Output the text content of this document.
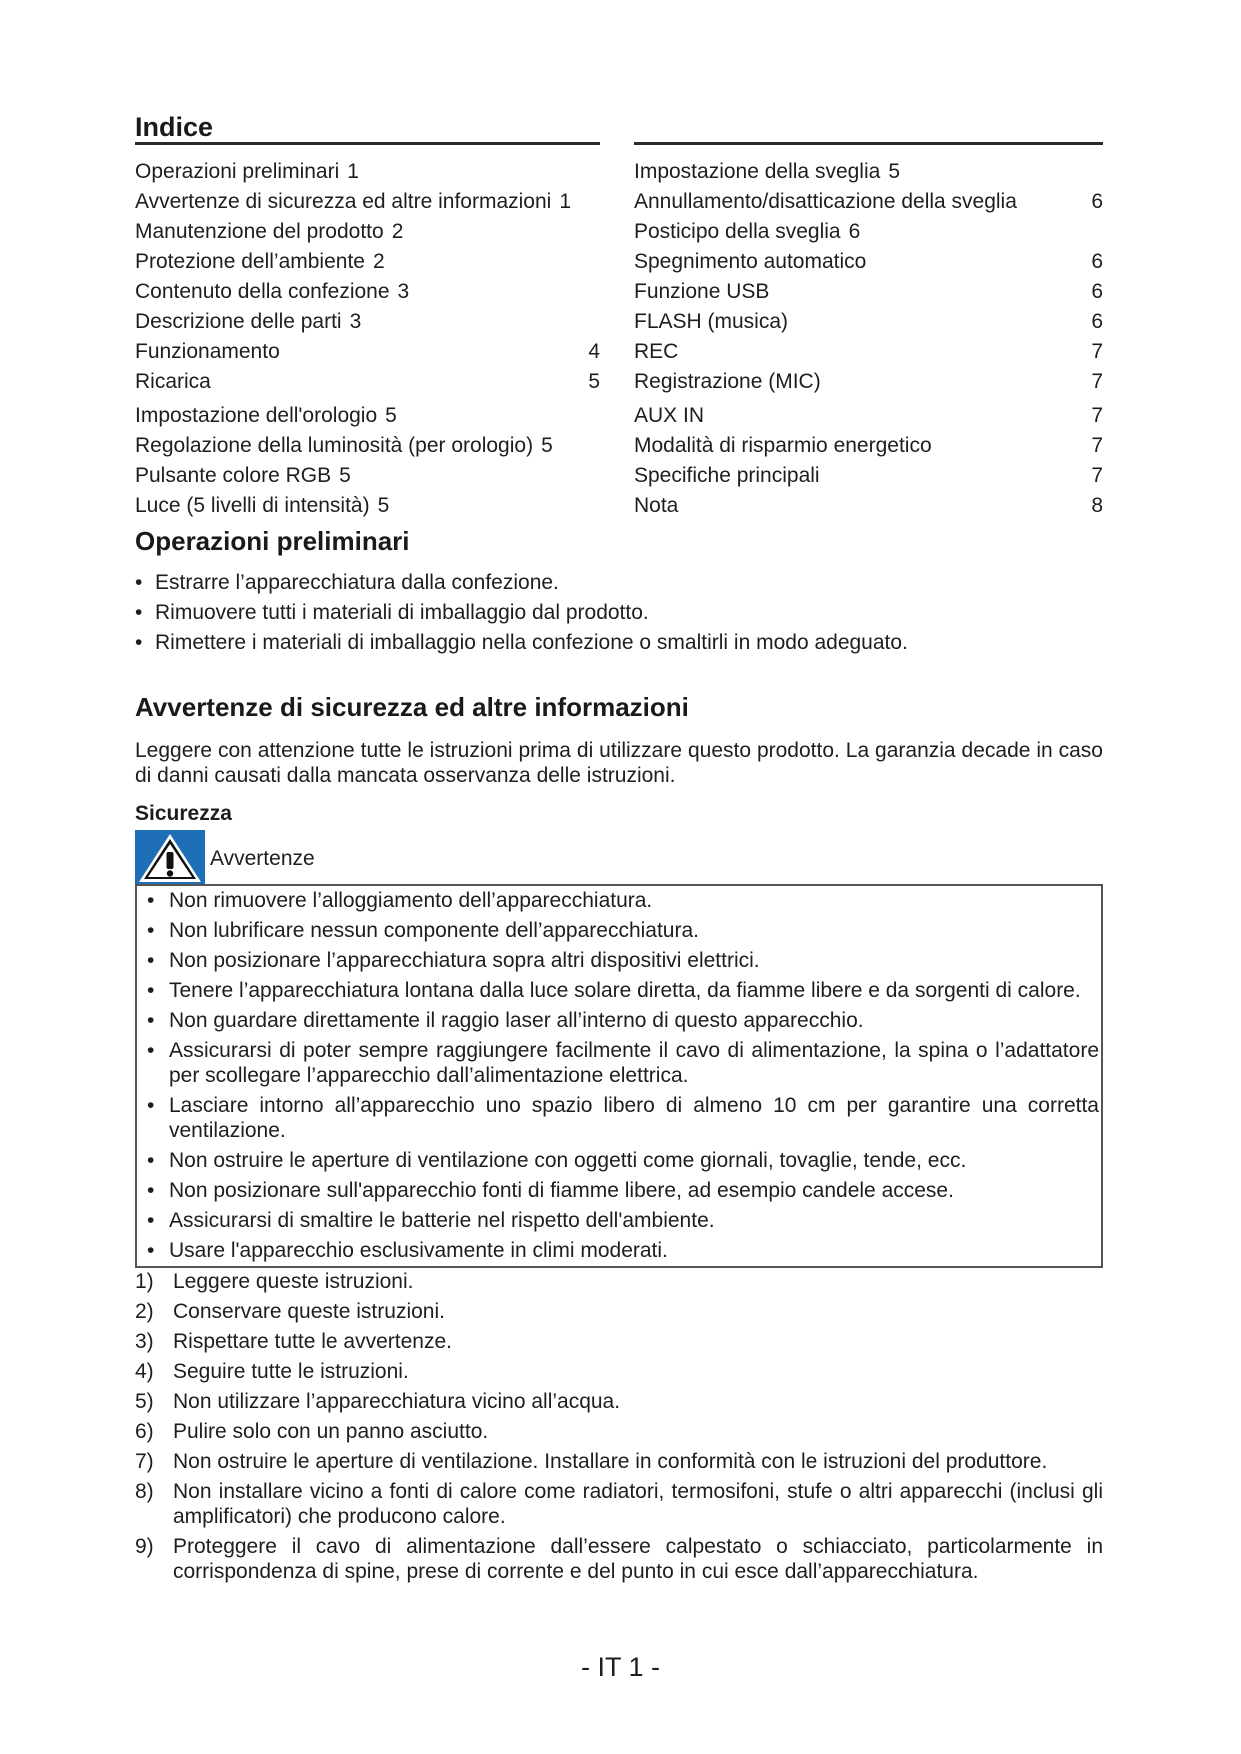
Indice
Operazioni preliminari 1
Avvertenze di sicurezza ed altre informazioni 1
Manutenzione del prodotto 2
Protezione dell’ambiente 2
Contenuto della confezione 3
Descrizione delle parti 3
Funzionamento	4
Ricarica	5
Impostazione dell'orologio 5
Regolazione della luminosità (per orologio) 5
Pulsante colore RGB 5
Luce (5 livelli di intensità) 5
Impostazione della sveglia 5
Annullamento/disatticazione della sveglia	6
Posticipo della sveglia 6
Spegnimento automatico	6
Funzione USB	6
FLASH (musica)	6
REC	7
Registrazione (MIC)	7
AUX IN	7
Modalità di risparmio energetico	7
Specifiche principali	7
Nota	8
Operazioni preliminari
• Estrarre l’apparecchiatura dalla confezione.
• Rimuovere tutti i materiali di imballaggio dal prodotto.
• Rimettere i materiali di imballaggio nella confezione o smaltirli in modo adeguato.
Avvertenze di sicurezza ed altre informazioni

Leggere con attenzione tutte le istruzioni prima di utilizzare questo prodotto. La garanzia decade in caso di danni causati dalla mancata osservanza delle istruzioni.

Sicurezza
Avvertenze
• Non rimuovere l’alloggiamento dell’apparecchiatura.
• Non lubrificare nessun componente dell’apparecchiatura.
• Non posizionare l’apparecchiatura sopra altri dispositivi elettrici.
• Tenere l’apparecchiatura lontana dalla luce solare diretta, da fiamme libere e da sorgenti di calore.
• Non guardare direttamente il raggio laser all’interno di questo apparecchio.
• Assicurarsi di poter sempre raggiungere facilmente il cavo di alimentazione, la spina o l’adattatore per scollegare l’apparecchio dall’alimentazione elettrica.
• Lasciare intorno all’apparecchio uno spazio libero di almeno 10 cm per garantire una corretta ventilazione.
• Non ostruire le aperture di ventilazione con oggetti come giornali, tovaglie, tende, ecc.
• Non posizionare sull'apparecchio fonti di fiamme libere, ad esempio candele accese.
• Assicurarsi di smaltire le batterie nel rispetto dell'ambiente.
• Usare l'apparecchio esclusivamente in climi moderati.
1) Leggere queste istruzioni.
2) Conservare queste istruzioni.
3) Rispettare tutte le avvertenze.
4) Seguire tutte le istruzioni.
5) Non utilizzare l’apparecchiatura vicino all’acqua.
6) Pulire solo con un panno asciutto.
7) Non ostruire le aperture di ventilazione. Installare in conformità con le istruzioni del produttore.
8) Non installare vicino a fonti di calore come radiatori, termosifoni, stufe o altri apparecchi (inclusi gli amplificatori) che producono calore.
9) Proteggere il cavo di alimentazione dall’essere calpestato o schiacciato, particolarmente in corrispondenza di spine, prese di corrente e del punto in cui esce dall’apparecchiatura.
- IT 1 -
